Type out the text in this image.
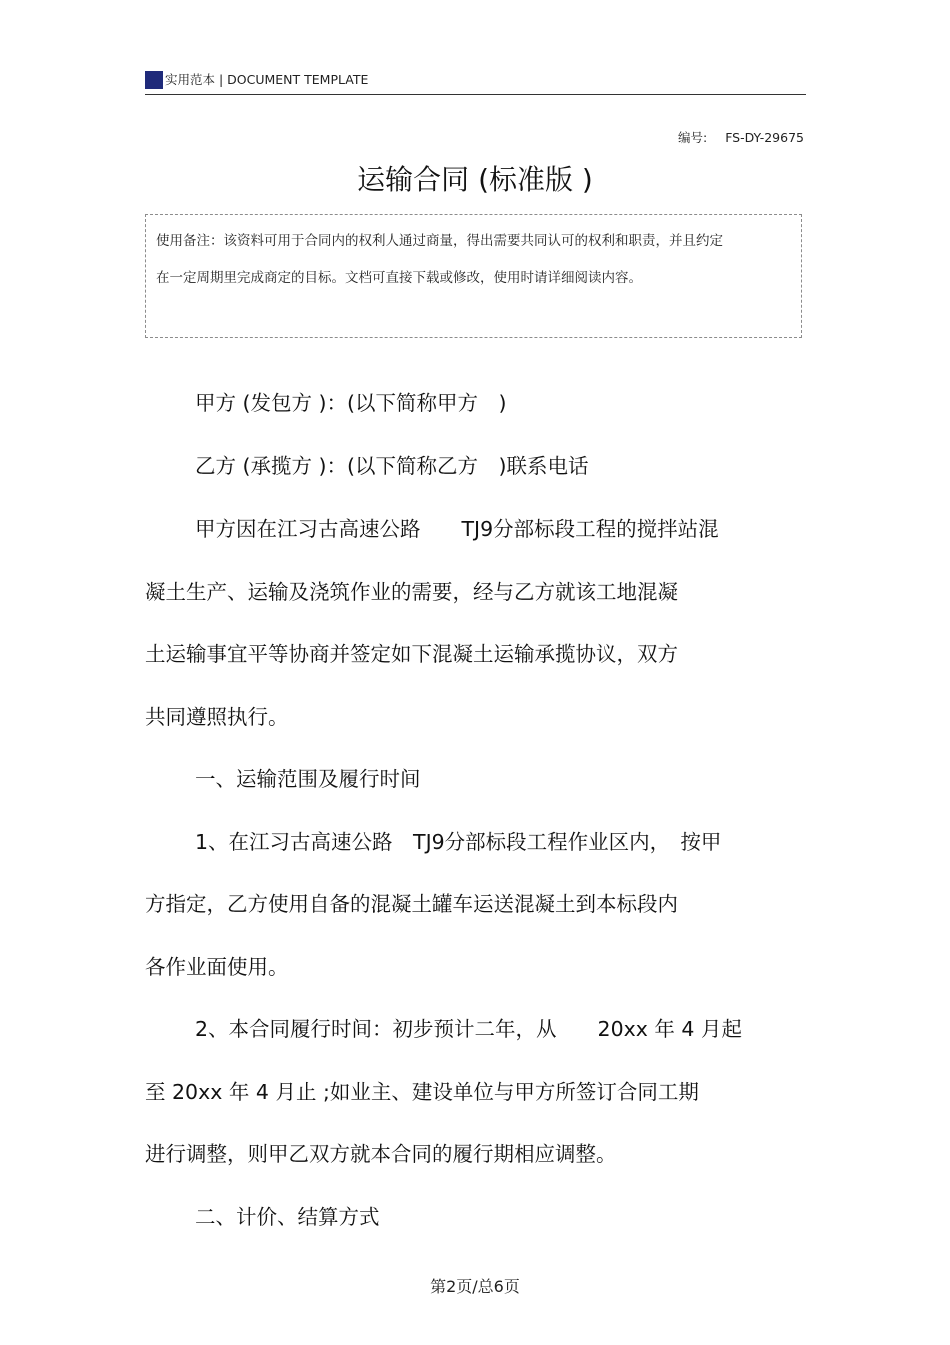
实用范本 | DOCUMENT TEMPLATE
编号: FS-DY-29675
运输合同 (标准版 )
使用备注：该资料可用于合同内的权利人通过商量，得出需要共同认可的权利和职责，并且约定在一定周期里完成商定的目标。文档可直接下载或修改，使用时请详细阅读内容。
甲方 (发包方 )：(以下简称甲方　)
乙方 (承揽方 )：(以下简称乙方　)联系电话
甲方因在江习古高速公路　　TJ9分部标段工程的搅拌站混
凝土生产、运输及浇筑作业的需要，经与乙方就该工地混凝
土运输事宜平等协商并签定如下混凝土运输承揽协议，双方
共同遵照执行。
一、运输范围及履行时间
1、在江习古高速公路　TJ9分部标段工程作业区内，　按甲
方指定，乙方使用自备的混凝土罐车运送混凝土到本标段内
各作业面使用。
2、本合同履行时间：初步预计二年，从　　20xx 年 4 月起
至 20xx 年 4 月止 ;如业主、建设单位与甲方所签订合同工期
进行调整，则甲乙双方就本合同的履行期相应调整。
二、计价、结算方式
第2页/总6页
